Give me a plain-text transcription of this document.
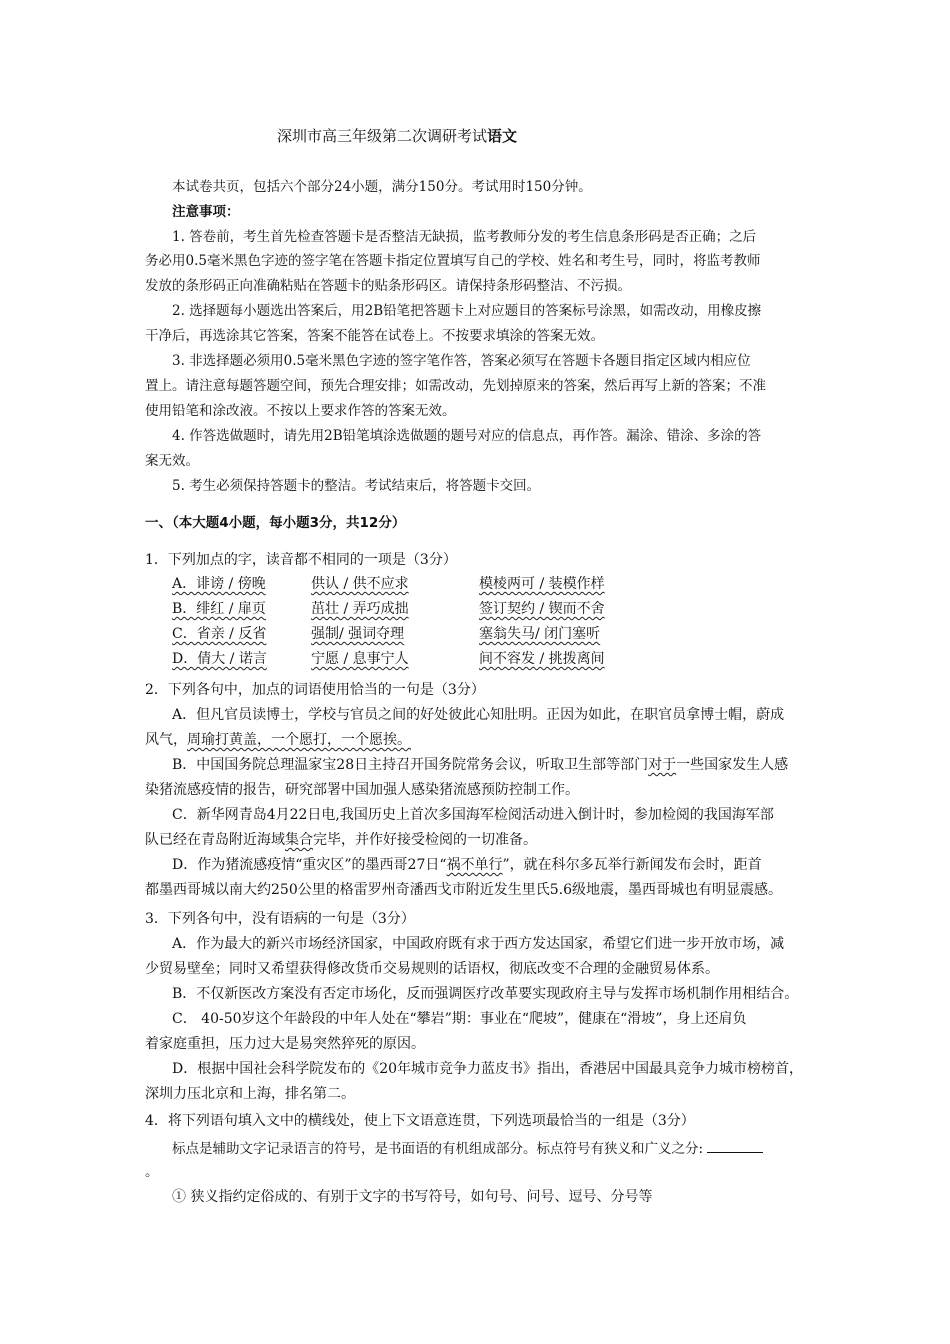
深圳市高三年级第二次调研考试语文
本试卷共页，包括六个部分24小题，满分150分。考试用时150分钟。
注意事项：
1. 答卷前，考生首先检查答题卡是否整洁无缺损，监考教师分发的考生信息条形码是否正确；之后
务必用0.5毫米黑色字迹的签字笔在答题卡指定位置填写自己的学校、姓名和考生号，同时，将监考教师
发放的条形码正向准确粘贴在答题卡的贴条形码区。请保持条形码整洁、不污损。
2. 选择题每小题选出答案后，用2B铅笔把答题卡上对应题目的答案标号涂黑，如需改动，用橡皮擦
干净后，再选涂其它答案，答案不能答在试卷上。不按要求填涂的答案无效。
3. 非选择题必须用0.5毫米黑色字迹的签字笔作答，答案必须写在答题卡各题目指定区域内相应位
置上。请注意每题答题空间，预先合理安排；如需改动，先划掉原来的答案，然后再写上新的答案；不准
使用铅笔和涂改液。不按以上要求作答的答案无效。
4. 作答选做题时，请先用2B铅笔填涂选做题的题号对应的信息点，再作答。漏涂、错涂、多涂的答
案无效。
5. 考生必须保持答题卡的整洁。考试结束后，将答题卡交回。
一、（本大题4小题，每小题3分，共12分）
1．下列加点的字，读音都不相同的一项是（3分）
A．诽谤 / 傍晚	供认 / 供不应求	模棱两可 / 装模作样
B．绯红 / 扉页	茁壮 / 弄巧成拙	签订契约 / 锲而不舍
C．省亲 / 反省	强制/ 强词夺理	塞翁失马/ 闭门塞听
D．倩大 / 诺言	宁愿 / 息事宁人	间不容发 / 挑拨离间
2．下列各句中，加点的词语使用恰当的一句是（3分）
A．但凡官员读博士，学校与官员之间的好处彼此心知肚明。正因为如此，在职官员拿博士帽，蔚成
风气，周瑜打黄盖，一个愿打，一个愿挨。
B．中国国务院总理温家宝28日主持召开国务院常务会议，听取卫生部等部门对于一些国家发生人感
染猪流感疫情的报告，研究部署中国加强人感染猪流感预防控制工作。
C．新华网青岛4月22日电,我国历史上首次多国海军检阅活动进入倒计时，参加检阅的我国海军部
队已经在青岛附近海域集合完毕，并作好接受检阅的一切准备。
D．作为猪流感疫情“重灾区”的墨西哥27日“祸不单行”，就在科尔多瓦举行新闻发布会时，距首
都墨西哥城以南大约250公里的格雷罗州奇潘西戈市附近发生里氏5.6级地震，墨西哥城也有明显震感。
3．下列各句中，没有语病的一句是（3分）
A．作为最大的新兴市场经济国家，中国政府既有求于西方发达国家，希望它们进一步开放市场，减
少贸易壁垒；同时又希望获得修改货币交易规则的话语权，彻底改变不合理的金融贸易体系。
B．不仅新医改方案没有否定市场化，反而强调医疗改革要实现政府主导与发挥市场机制作用相结合。
C． 40-50岁这个年龄段的中年人处在“攀岩”期：事业在“爬坡”，健康在“滑坡”，身上还肩负
着家庭重担，压力过大是易突然猝死的原因。
D．根据中国社会科学院发布的《20年城市竞争力蓝皮书》指出，香港居中国最具竞争力城市榜榜首，
深圳力压北京和上海，排名第二。
4．将下列语句填入文中的横线处，使上下文语意连贯，下列选项最恰当的一组是（3分）
标点是辅助文字记录语言的符号，是书面语的有机组成部分。标点符号有狭义和广义之分:
。
① 狭义指约定俗成的、有别于文字的书写符号，如句号、问号、逗号、分号等
